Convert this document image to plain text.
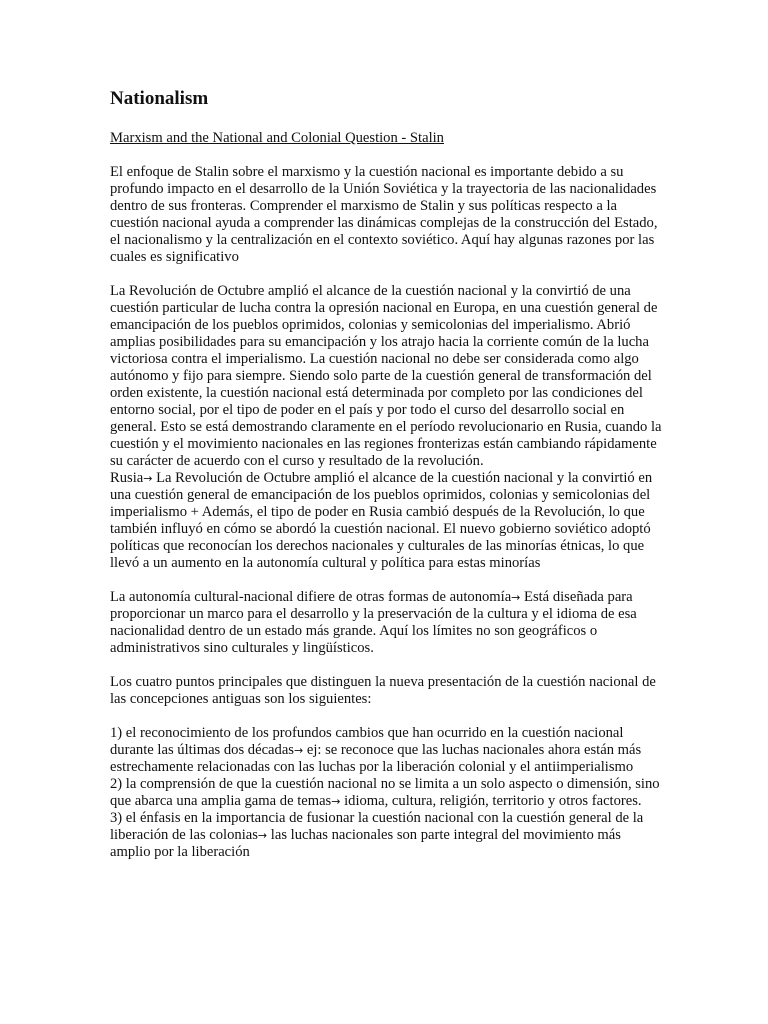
Nationalism
Marxism and the National and Colonial Question - Stalin

El enfoque de Stalin sobre el marxismo y la cuestión nacional es importante debido a su profundo impacto en el desarrollo de la Unión Soviética y la trayectoria de las nacionalidades dentro de sus fronteras. Comprender el marxismo de Stalin y sus políticas respecto a la cuestión nacional ayuda a comprender las dinámicas complejas de la construcción del Estado, el nacionalismo y la centralización en el contexto soviético. Aquí hay algunas razones por las cuales es significativo

La Revolución de Octubre amplió el alcance de la cuestión nacional y la convirtió de una cuestión particular de lucha contra la opresión nacional en Europa, en una cuestión general de emancipación de los pueblos oprimidos, colonias y semicolonias del imperialismo. Abrió amplias posibilidades para su emancipación y los atrajo hacia la corriente común de la lucha victoriosa contra el imperialismo. La cuestión nacional no debe ser considerada como algo autónomo y fijo para siempre. Siendo solo parte de la cuestión general de transformación del orden existente, la cuestión nacional está determinada por completo por las condiciones del entorno social, por el tipo de poder en el país y por todo el curso del desarrollo social en general. Esto se está demostrando claramente en el período revolucionario en Rusia, cuando la cuestión y el movimiento nacionales en las regiones fronterizas están cambiando rápidamente su carácter de acuerdo con el curso y resultado de la revolución.

Rusia→ La Revolución de Octubre amplió el alcance de la cuestión nacional y la convirtió en una cuestión general de emancipación de los pueblos oprimidos, colonias y semicolonias del imperialismo + Además, el tipo de poder en Rusia cambió después de la Revolución, lo que también influyó en cómo se abordó la cuestión nacional. El nuevo gobierno soviético adoptó políticas que reconocían los derechos nacionales y culturales de las minorías étnicas, lo que llevó a un aumento en la autonomía cultural y política para estas minorías

La autonomía cultural-nacional difiere de otras formas de autonomía→ Está diseñada para proporcionar un marco para el desarrollo y la preservación de la cultura y el idioma de esa nacionalidad dentro de un estado más grande. Aquí los límites no son geográficos o administrativos sino culturales y lingüísticos.

Los cuatro puntos principales que distinguen la nueva presentación de la cuestión nacional de las concepciones antiguas son los siguientes:

1) el reconocimiento de los profundos cambios que han ocurrido en la cuestión nacional durante las últimas dos décadas→ ej: se reconoce que las luchas nacionales ahora están más estrechamente relacionadas con las luchas por la liberación colonial y el antiimperialismo

2) la comprensión de que la cuestión nacional no se limita a un solo aspecto o dimensión, sino que abarca una amplia gama de temas→ idioma, cultura, religión, territorio y otros factores.

3) el énfasis en la importancia de fusionar la cuestión nacional con la cuestión general de la liberación de las colonias→ las luchas nacionales son parte integral del movimiento más amplio por la liberación
